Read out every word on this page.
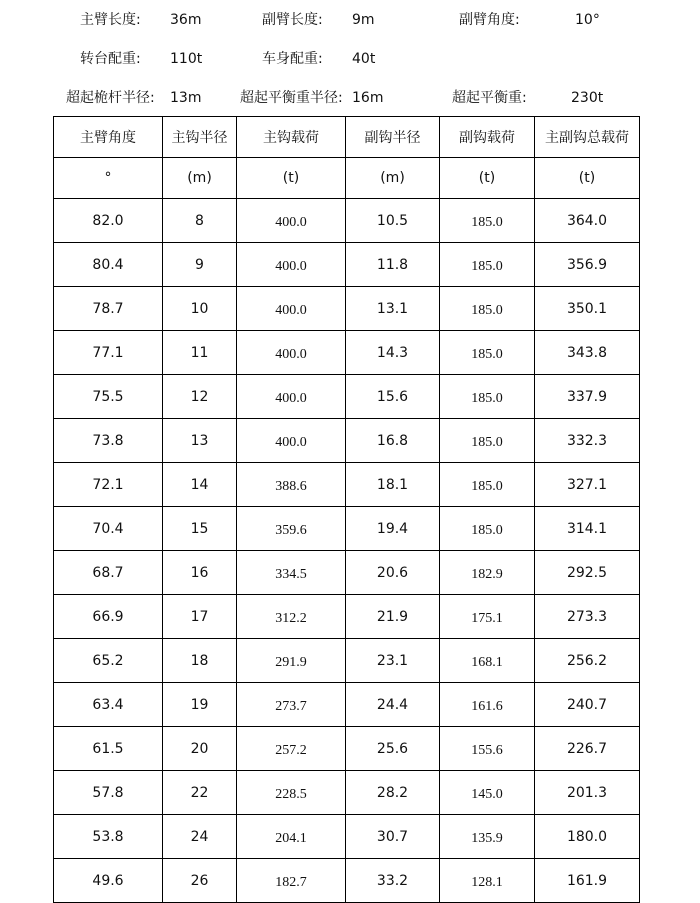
主臂长度: 36m	副臂长度: 9m	副臂角度:	10°
转台配重: 110t	车身配重: 40t
超起桅杆半径: 13m	超起平衡重半径: 16m	超起平衡重:	230t
主臂角度	主钩半径	主钩载荷	副钩半径	副钩载荷	主副钩总载荷
°	(m)	(t)	(m)	(t)	(t)
82.0	8	400.0	10.5	185.0	364.0
80.4	9	400.0	11.8	185.0	356.9
78.7	10	400.0	13.1	185.0	350.1
77.1	11	400.0	14.3	185.0	343.8
75.5	12	400.0	15.6	185.0	337.9
73.8	13	400.0	16.8	185.0	332.3
72.1	14	388.6	18.1	185.0	327.1
70.4	15	359.6	19.4	185.0	314.1
68.7	16	334.5	20.6	182.9	292.5
66.9	17	312.2	21.9	175.1	273.3
65.2	18	291.9	23.1	168.1	256.2
63.4	19	273.7	24.4	161.6	240.7
61.5	20	257.2	25.6	155.6	226.7
57.8	22	228.5	28.2	145.0	201.3
53.8	24	204.1	30.7	135.9	180.0
49.6	26	182.7	33.2	128.1	161.9
